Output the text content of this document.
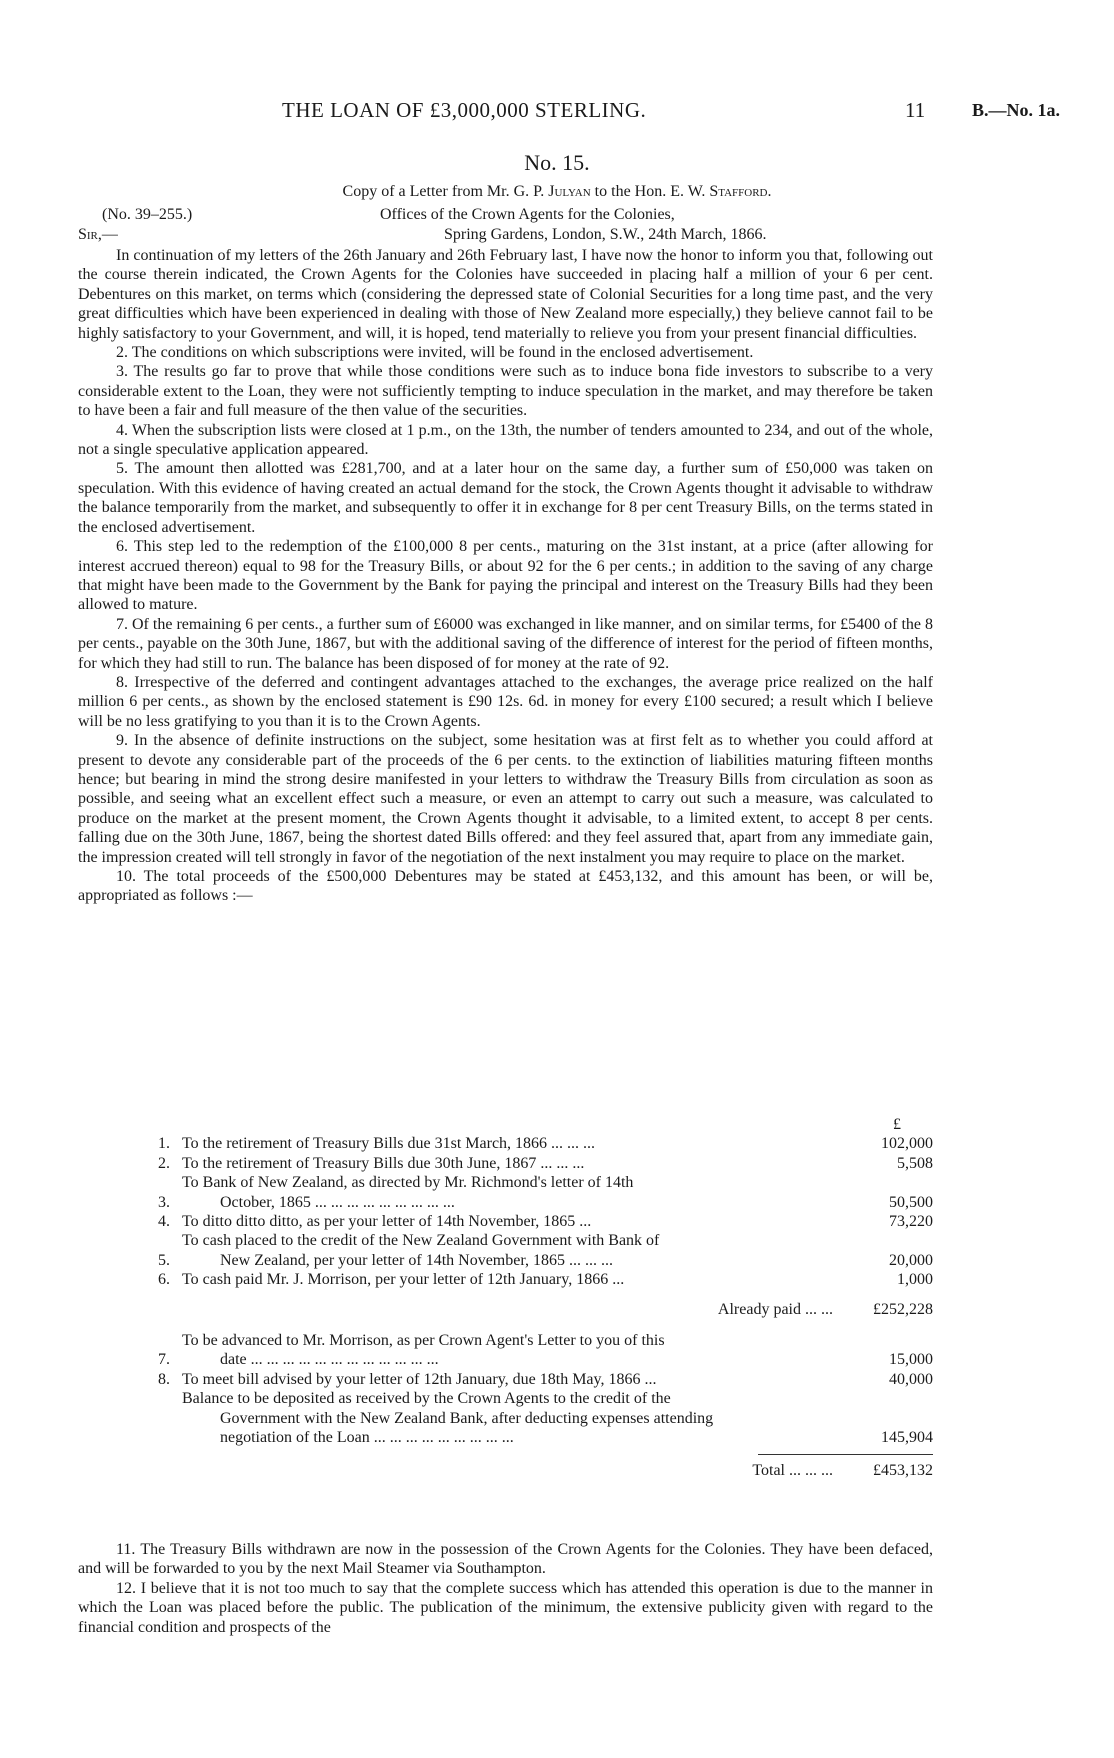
THE LOAN OF £3,000,000 STERLING.	11	B.—No. 1a.
No. 15.
Copy of a Letter from Mr. G. P. Julyan to the Hon. E. W. Stafford.
(No. 39–255.)	Offices of the Crown Agents for the Colonies,
Sir,—	Spring Gardens, London, S.W., 24th March, 1866.

In continuation of my letters of the 26th January and 26th February last, I have now the honor to inform you that, following out the course therein indicated, the Crown Agents for the Colonies have succeeded in placing half a million of your 6 per cent. Debentures on this market, on terms which (considering the depressed state of Colonial Securities for a long time past, and the very great difficulties which have been experienced in dealing with those of New Zealand more especially,) they believe cannot fail to be highly satisfactory to your Government, and will, it is hoped, tend materially to relieve you from your present financial difficulties.

2. The conditions on which subscriptions were invited, will be found in the enclosed advertisement.

3. The results go far to prove that while those conditions were such as to induce bona fide investors to subscribe to a very considerable extent to the Loan, they were not sufficiently tempting to induce speculation in the market, and may therefore be taken to have been a fair and full measure of the then value of the securities.

4. When the subscription lists were closed at 1 p.m., on the 13th, the number of tenders amounted to 234, and out of the whole, not a single speculative application appeared.

5. The amount then allotted was £281,700, and at a later hour on the same day, a further sum of £50,000 was taken on speculation. With this evidence of having created an actual demand for the stock, the Crown Agents thought it advisable to withdraw the balance temporarily from the market, and subsequently to offer it in exchange for 8 per cent Treasury Bills, on the terms stated in the enclosed advertisement.

6. This step led to the redemption of the £100,000 8 per cents., maturing on the 31st instant, at a price (after allowing for interest accrued thereon) equal to 98 for the Treasury Bills, or about 92 for the 6 per cents.; in addition to the saving of any charge that might have been made to the Government by the Bank for paying the principal and interest on the Treasury Bills had they been allowed to mature.

7. Of the remaining 6 per cents., a further sum of £6000 was exchanged in like manner, and on similar terms, for £5400 of the 8 per cents., payable on the 30th June, 1867, but with the additional saving of the difference of interest for the period of fifteen months, for which they had still to run. The balance has been disposed of for money at the rate of 92.

8. Irrespective of the deferred and contingent advantages attached to the exchanges, the average price realized on the half million 6 per cents., as shown by the enclosed statement is £90 12s. 6d. in money for every £100 secured; a result which I believe will be no less gratifying to you than it is to the Crown Agents.

9. In the absence of definite instructions on the subject, some hesitation was at first felt as to whether you could afford at present to devote any considerable part of the proceeds of the 6 per cents. to the extinction of liabilities maturing fifteen months hence; but bearing in mind the strong desire manifested in your letters to withdraw the Treasury Bills from circulation as soon as possible, and seeing what an excellent effect such a measure, or even an attempt to carry out such a measure, was calculated to produce on the market at the present moment, the Crown Agents thought it advisable, to a limited extent, to accept 8 per cents. falling due on the 30th June, 1867, being the shortest dated Bills offered: and they feel assured that, apart from any immediate gain, the impression created will tell strongly in favor of the negotiation of the next instalment you may require to place on the market.

10. The total proceeds of the £500,000 Debentures may be stated at £453,132, and this amount has been, or will be, appropriated as follows :—

£
1. To the retirement of Treasury Bills due 31st March, 1866 ... ... ...	102,000
2. To the retirement of Treasury Bills due 30th June, 1867 ... ... ...	5,508
3.
To Bank of New Zealand, as directed by Mr. Richmond's letter of 14th
October, 1865 ... ... ... ... ... ... ... ... ...	50,500
4. To ditto ditto ditto, as per your letter of 14th November, 1865 ...	73,220
5.
To cash placed to the credit of the New Zealand Government with Bank of
New Zealand, per your letter of 14th November, 1865 ... ... ...	20,000
6. To cash paid Mr. J. Morrison, per your letter of 12th January, 1866 ...	1,000
Already paid ... ...	£252,228
7.
To be advanced to Mr. Morrison, as per Crown Agent's Letter to you of this
date ... ... ... ... ... ... ... ... ... ... ... ...	15,000
8. To meet bill advised by your letter of 12th January, due 18th May, 1866 ...	40,000
Balance to be deposited as received by the Crown Agents to the credit of the
Government with the New Zealand Bank, after deducting expenses attending
negotiation of the Loan ... ... ... ... ... ... ... ... ...	145,904
Total ... ... ...	£453,132

11. The Treasury Bills withdrawn are now in the possession of the Crown Agents for the Colonies. They have been defaced, and will be forwarded to you by the next Mail Steamer via Southampton.

12. I believe that it is not too much to say that the complete success which has attended this operation is due to the manner in which the Loan was placed before the public. The publication of the minimum, the extensive publicity given with regard to the financial condition and prospects of the
